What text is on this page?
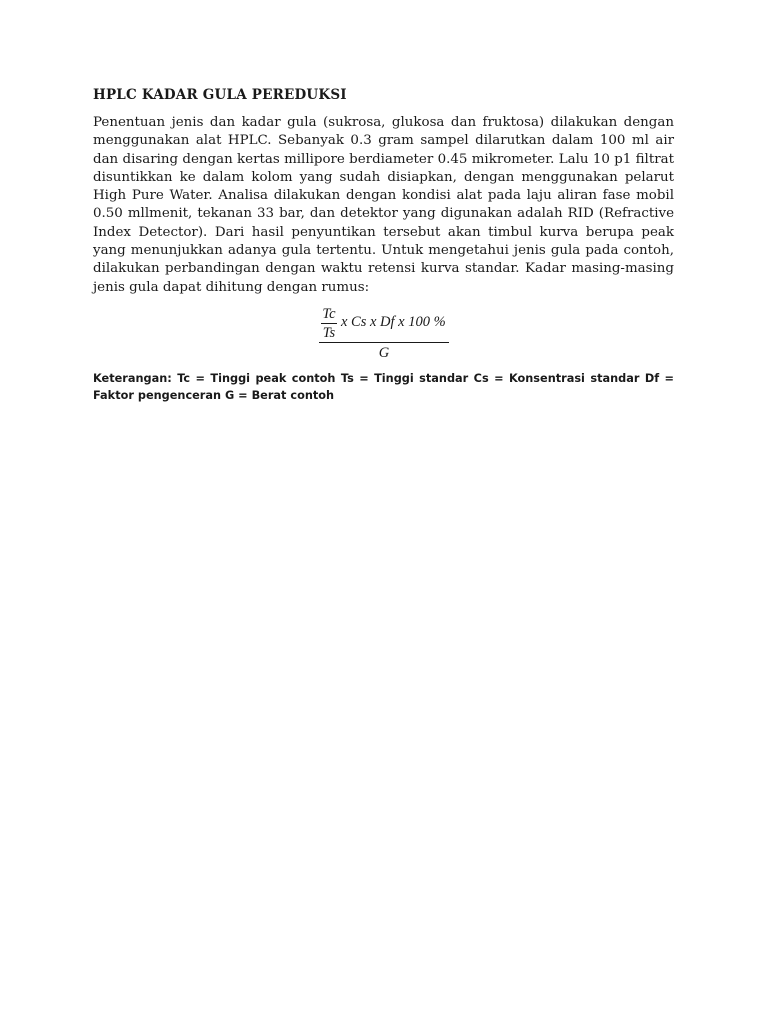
HPLC KADAR GULA PEREDUKSI

Penentuan jenis dan kadar gula (sukrosa, glukosa dan fruktosa) dilakukan dengan menggunakan alat HPLC. Sebanyak 0.3 gram sampel dilarutkan dalam 100 ml air dan disaring dengan kertas millipore berdiameter 0.45 mikrometer. Lalu 10 p1 filtrat disuntikkan ke dalam kolom yang sudah disiapkan, dengan menggunakan pelarut High Pure Water. Analisa dilakukan dengan kondisi alat pada laju aliran fase mobil 0.50 mllmenit, tekanan 33 bar, dan detektor yang digunakan adalah RID (Refractive Index Detector). Dari hasil penyuntikan tersebut akan timbul kurva berupa peak yang menunjukkan adanya gula tertentu. Untuk mengetahui jenis gula pada contoh, dilakukan perbandingan dengan waktu retensi kurva standar. Kadar masing-masing jenis gula dapat dihitung dengan rumus:

Tc
Ts
x Cs x Df x 100 %
G

Keterangan: Tc = Tinggi peak contoh Ts = Tinggi standar Cs = Konsentrasi standar Df = Faktor pengenceran G = Berat contoh
